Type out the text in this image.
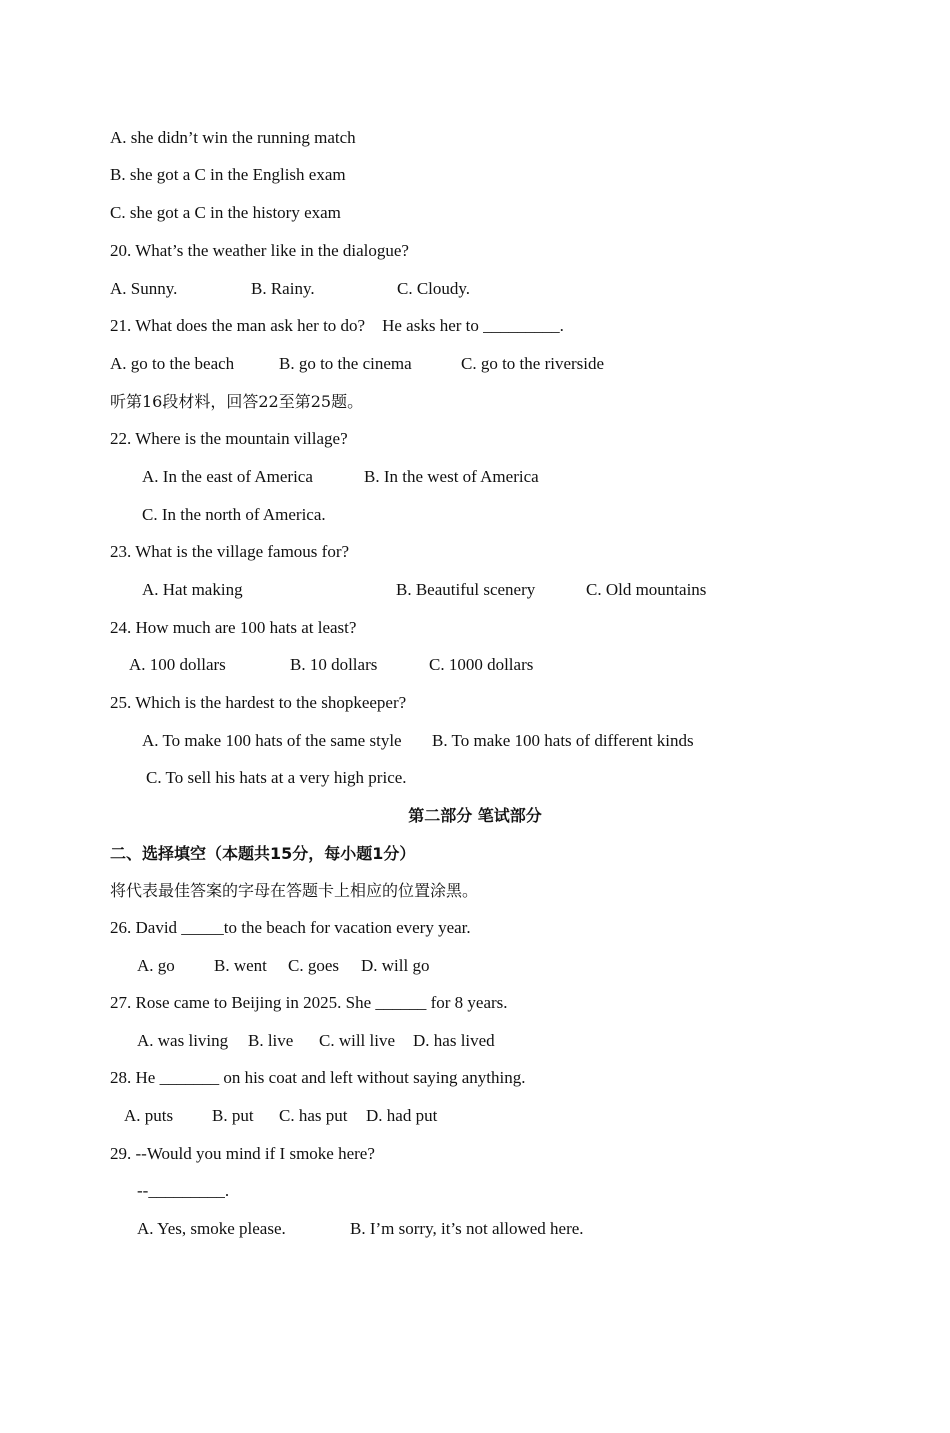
A. she didn’t win the running match
B. she got a C in the English exam
C. she got a C in the history exam
20. What’s the weather like in the dialogue?
A. Sunny.	B. Rainy.	C. Cloudy.
21. What does the man ask her to do?    He asks her to _________.
A. go to the beach	B. go to the cinema	C. go to the riverside
听第16段材料，回答22至第25题。
22. Where is the mountain village?
A. In the east of America	B. In the west of America
C. In the north of America.
23. What is the village famous for?
A. Hat making	B. Beautiful scenery	C. Old mountains
24. How much are 100 hats at least?
A. 100 dollars	B. 10 dollars	C. 1000 dollars
25. Which is the hardest to the shopkeeper?
A. To make 100 hats of the same style B. To make 100 hats of different kinds
C. To sell his hats at a very high price.
第二部分 笔试部分
二、选择填空（本题共15分，每小题1分）
将代表最佳答案的字母在答题卡上相应的位置涂黑。
26. David _____to the beach for vacation every year.
A. go B. went C. goes D. will go
27. Rose came to Beijing in 2025. She ______ for 8 years.
A. was living B. live C. will live D. has lived
28. He _______ on his coat and left without saying anything.
A. puts B. put C. has put D. had put
29. --Would you mind if I smoke here?
--_________.
A. Yes, smoke please.	B. I’m sorry, it’s not allowed here.
